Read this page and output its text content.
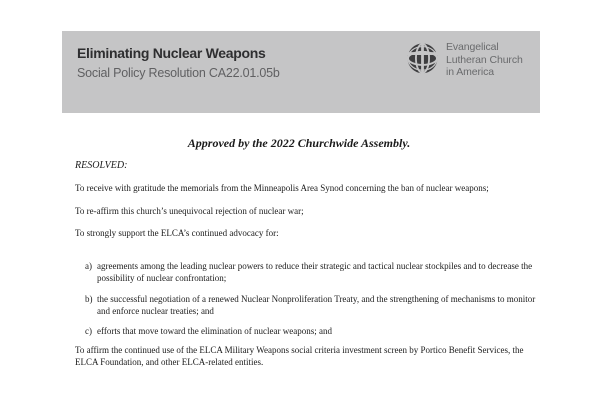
Eliminating Nuclear Weapons
Social Policy Resolution CA22.01.05b
Evangelical
Lutheran Church
in America
Approved by the 2022 Churchwide Assembly.
RESOLVED:
To receive with gratitude the memorials from the Minneapolis Area Synod concerning the ban of nuclear weapons;
To re-affirm this church’s unequivocal rejection of nuclear war;
To strongly support the ELCA’s continued advocacy for:
a) agreements among the leading nuclear powers to reduce their strategic and tactical nuclear stockpiles and to decrease the possibility of nuclear confrontation;
b) the successful negotiation of a renewed Nuclear Nonproliferation Treaty, and the strengthening of mechanisms to monitor and enforce nuclear treaties; and
c) efforts that move toward the elimination of nuclear weapons; and
To affirm the continued use of the ELCA Military Weapons social criteria investment screen by Portico Benefit Services, the ELCA Foundation, and other ELCA-related entities.
